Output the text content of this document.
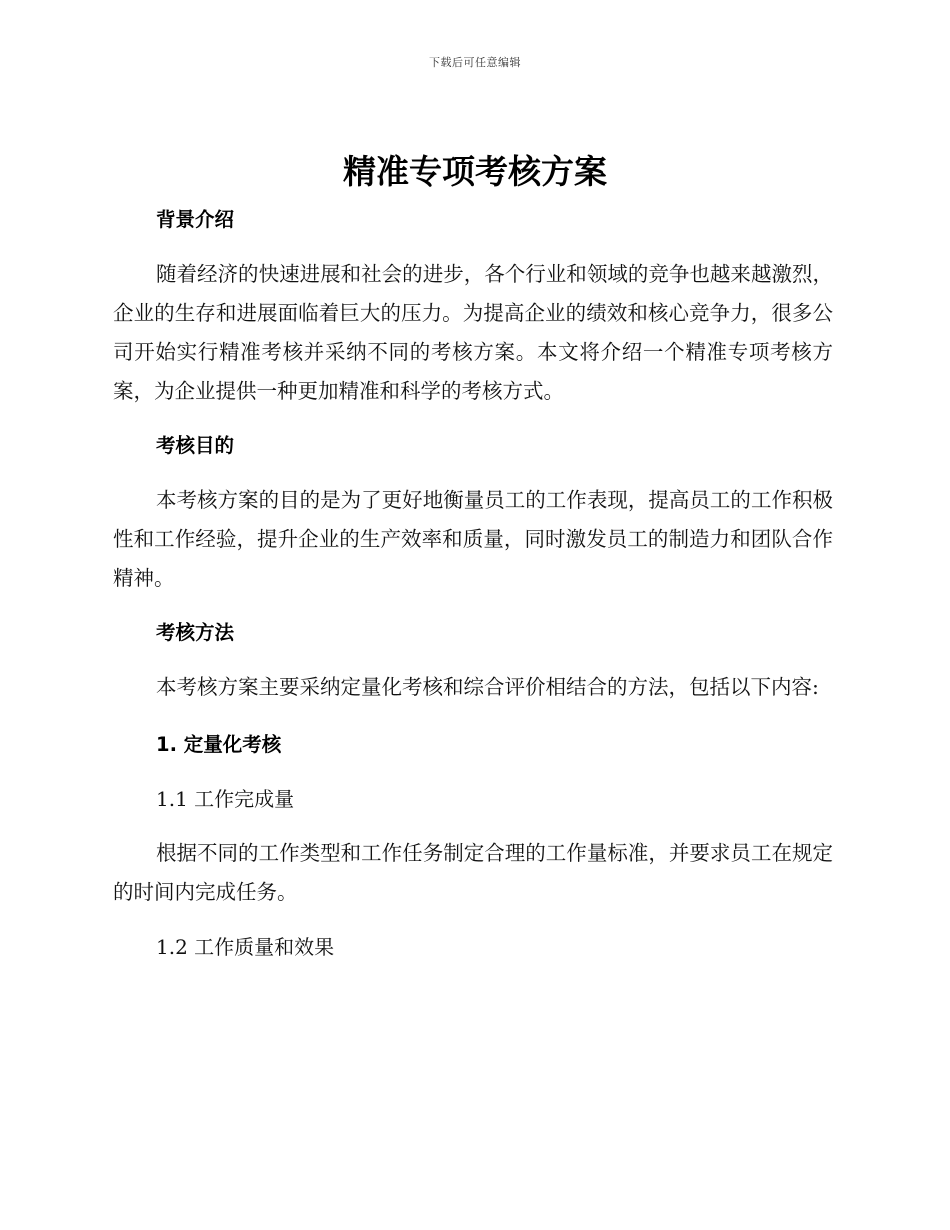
下载后可任意编辑
精准专项考核方案

背景介绍

随着经济的快速进展和社会的进步，各个行业和领域的竞争也越来越激烈，企业的生存和进展面临着巨大的压力。为提高企业的绩效和核心竞争力，很多公司开始实行精准考核并采纳不同的考核方案。本文将介绍一个精准专项考核方案，为企业提供一种更加精准和科学的考核方式。

考核目的

本考核方案的目的是为了更好地衡量员工的工作表现，提高员工的工作积极性和工作经验，提升企业的生产效率和质量，同时激发员工的制造力和团队合作精神。

考核方法

本考核方案主要采纳定量化考核和综合评价相结合的方法，包括以下内容:

1. 定量化考核

1.1 工作完成量

根据不同的工作类型和工作任务制定合理的工作量标准，并要求员工在规定的时间内完成任务。

1.2 工作质量和效果
